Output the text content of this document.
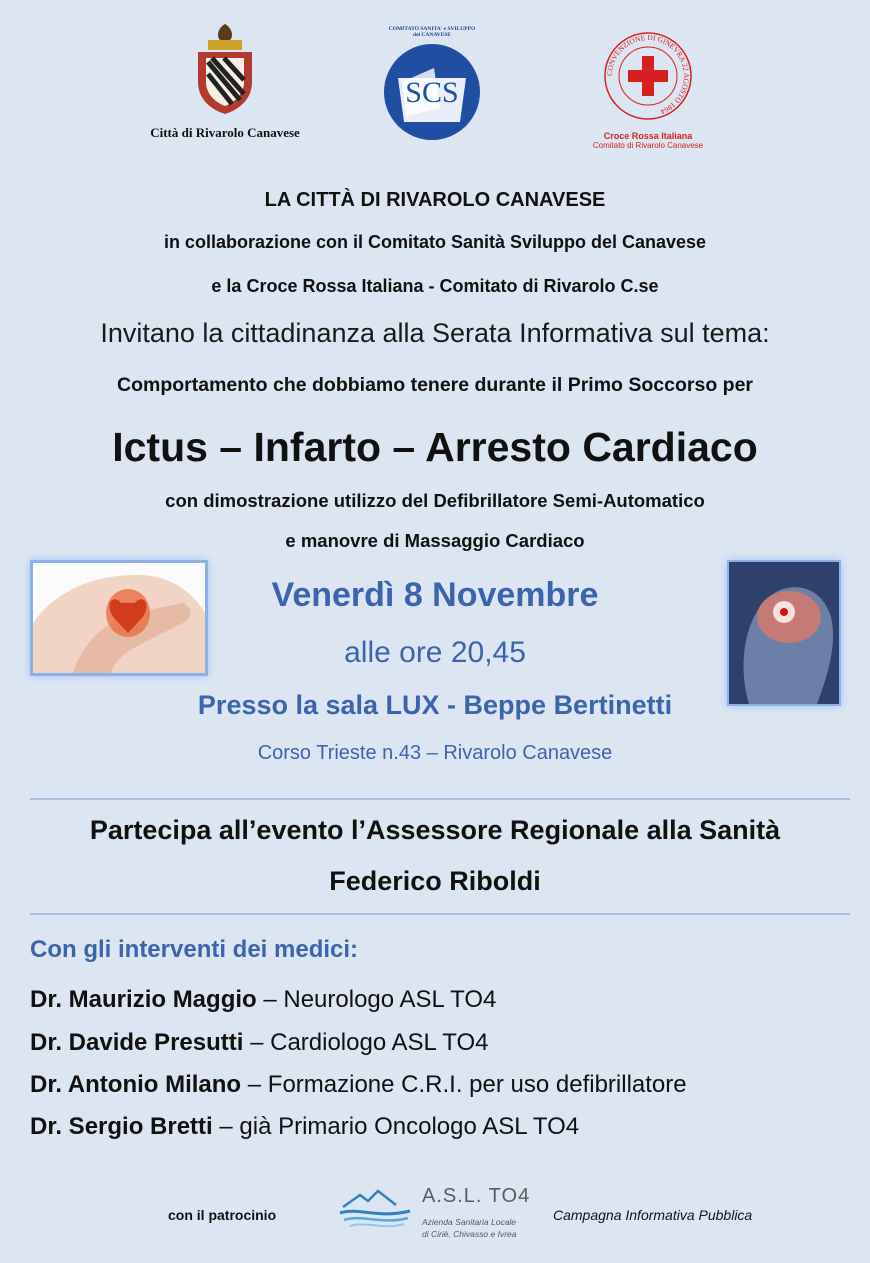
Città di Rivarolo Canavese
COMITATO SANITA' e SVILUPPO
del CANAVESE
SCS
CONVENZIONE DI GINEVRA 22 AGOSTO 1864
Croce Rossa Italiana
Comitato di Rivarolo Canavese
LA CITTÀ DI RIVAROLO CANAVESE
in collaborazione con il Comitato Sanità Sviluppo del Canavese
e la Croce Rossa Italiana - Comitato di Rivarolo C.se
Invitano la cittadinanza alla Serata Informativa sul tema:
Comportamento che dobbiamo tenere durante il Primo Soccorso per
Ictus – Infarto – Arresto Cardiaco
con dimostrazione utilizzo del Defibrillatore Semi-Automatico
e manovre di Massaggio Cardiaco
Venerdì 8 Novembre
alle ore 20,45
Presso la sala LUX - Beppe Bertinetti
Corso Trieste n.43 – Rivarolo Canavese
Partecipa all’evento l’Assessore Regionale alla Sanità
Federico Riboldi
Con gli interventi dei medici:
Dr. Maurizio Maggio – Neurologo ASL TO4
Dr. Davide Presutti – Cardiologo ASL TO4
Dr. Antonio Milano – Formazione C.R.I. per uso defibrillatore
Dr. Sergio Bretti – già Primario Oncologo ASL TO4
con il patrocinio
A.S.L. TO4
Azienda Sanitaria Locale
di Ciriè, Chivasso e Ivrea
Campagna Informativa Pubblica
